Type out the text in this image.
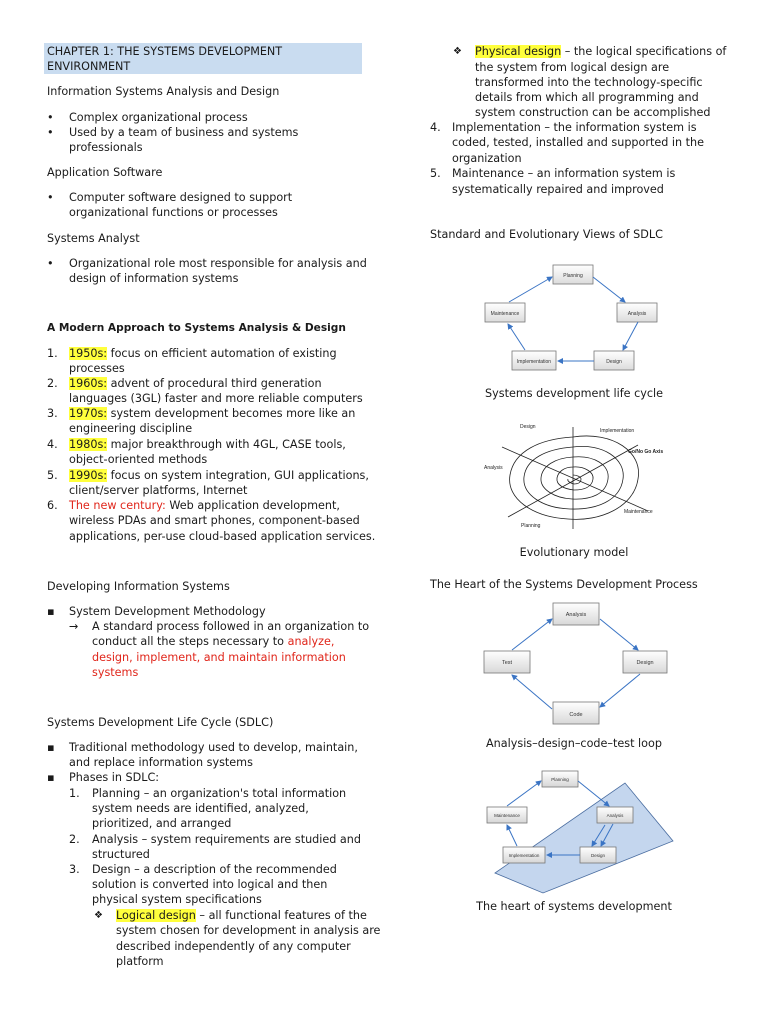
CHAPTER 1: THE SYSTEMS DEVELOPMENT ENVIRONMENT
Information Systems Analysis and Design
• Complex organizational process
• Used by a team of business and systems
professionals
Application Software
• Computer software designed to support
organizational functions or processes
Systems Analyst
• Organizational role most responsible for analysis and
design of information systems
A Modern Approach to Systems Analysis & Design
1. 1950s: focus on efficient automation of existing
processes
2. 1960s: advent of procedural third generation
languages (3GL) faster and more reliable computers
3. 1970s: system development becomes more like an
engineering discipline
4. 1980s: major breakthrough with 4GL, CASE tools,
object-oriented methods
5. 1990s: focus on system integration, GUI applications,
client/server platforms, Internet
6. The new century: Web application development,
wireless PDAs and smart phones, component-based
applications, per-use cloud-based application services.
Developing Information Systems
▪ System Development Methodology
→ A standard process followed in an organization to
conduct all the steps necessary to analyze,
design, implement, and maintain information
systems
Systems Development Life Cycle (SDLC)
▪ Traditional methodology used to develop, maintain,
and replace information systems
▪ Phases in SDLC:
1. Planning – an organization's total information
system needs are identified, analyzed,
prioritized, and arranged
2. Analysis – system requirements are studied and
structured
3. Design – a description of the recommended
solution is converted into logical and then
physical system specifications
❖ Logical design – all functional features of the
system chosen for development in analysis are
described independently of any computer
platform
❖ Physical design – the logical specifications of
the system from logical design are
transformed into the technology-specific
details from which all programming and
system construction can be accomplished
4. Implementation – the information system is
coded, tested, installed and supported in the
organization
5. Maintenance – an information system is
systematically repaired and improved
Standard and Evolutionary Views of SDLC
Planning
Maintenance	Analysis
Implementation	Design
Systems development life cycle
Design
Implementation
Go/No Go Axis
Analysis
Maintenance
Planning
Evolutionary model
The Heart of the Systems Development Process
Analysis
Test	Design
Code
Analysis–design–code–test loop
Planning
Maintenance	Analysis
Implementation	Design
The heart of systems development
